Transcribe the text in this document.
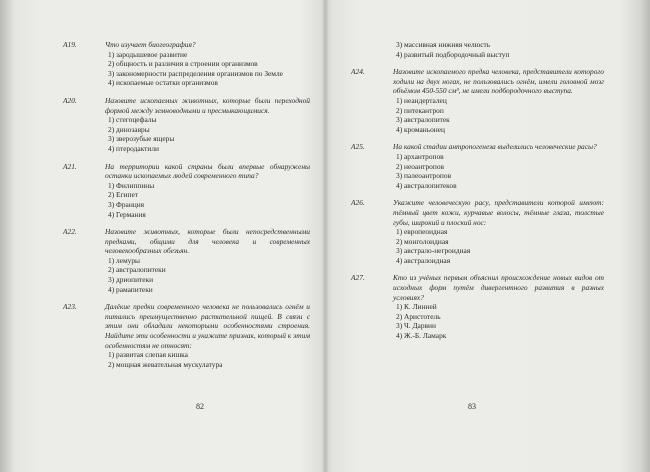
А19.	Что изучает биогеография?
1) зародышевое развитие
2) общность и различия в строении организмов
3) закономерности распределения организмов по Земле
4) ископаемые остатки организмов
А20.	Назовите ископаемых животных, которые были переходной формой между земноводными и пресмыкающимися.
1) стегоцефалы
2) динозавры
3) зверозубые ящеры
4) птеродактили
А21.	На территории какой страны были впервые обнаружены останки ископаемых людей современного типа?
1) Филиппины
2) Египет
3) Франция
4) Германия
А22.	Назовите животных, которые были непосредственными предками, общими для человека и современных человекообразных обезьян.
1) лемуры
2) австралопитеки
3) дриопитеки
4) рамапитеки
А23.	Далёкие предки современного человека не пользовались огнём и питались преимущественно растительной пищей. В связи с этим они обладали некоторыми особенностями строения. Найдите эти особенности и укажите признак, который к этим особенностям не относят:
1) развитая слепая кишка
2) мощная жевательная мускулатура
82
3) массивная нижняя челюсть
4) развитый подбородочный выступ
А24.	Назовите ископаемого предка человека, представители которого ходили на двух ногах, не пользовались огнём, имели головной мозг объёмом 450-550 см³, не имели подбородочного выступа.
1) неандерталец
2) питекантроп
3) австралопитек
4) кроманьонец
А25.	На какой стадии антропогенеза выделились человеческие расы?
1) архантропов
2) неоантропов
3) палеоантропов
4) австралопитеков
А26.	Укажите человеческую расу, представители которой имеют: тёмный цвет кожи, курчавые волосы, тёмные глаза, толстые губы, широкий и плоский нос:
1) европеоидная
2) монголоидная
3) австрало-негроидная
4) австралоидная
А27.	Кто из учёных первым объяснил происхождение новых видов от исходных форм путём дивергентного развития в разных условиях?
1) К. Линней
2) Аристотель
3) Ч. Дарвин
4) Ж.-Б. Ламарк
83
